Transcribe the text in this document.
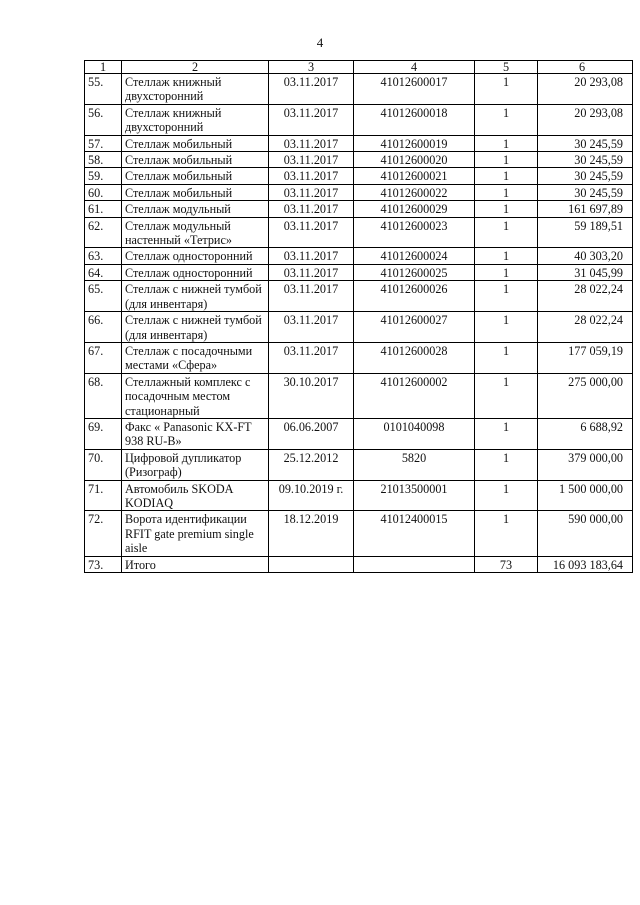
4
1	2	3	4	5	6
55.	Стеллаж книжный двухсторонний	03.11.2017	41012600017	1	20 293,08
56.	Стеллаж книжный двухсторонний	03.11.2017	41012600018	1	20 293,08
57.	Стеллаж мобильный	03.11.2017	41012600019	1	30 245,59
58.	Стеллаж мобильный	03.11.2017	41012600020	1	30 245,59
59.	Стеллаж мобильный	03.11.2017	41012600021	1	30 245,59
60.	Стеллаж мобильный	03.11.2017	41012600022	1	30 245,59
61.	Стеллаж модульный	03.11.2017	41012600029	1	161 697,89
62.	Стеллаж модульный настенный «Тетрис»	03.11.2017	41012600023	1	59 189,51
63.	Стеллаж односторонний	03.11.2017	41012600024	1	40 303,20
64.	Стеллаж односторонний	03.11.2017	41012600025	1	31 045,99
65.	Стеллаж с нижней тумбой (для инвентаря)	03.11.2017	41012600026	1	28 022,24
66.	Стеллаж с нижней тумбой (для инвентаря)	03.11.2017	41012600027	1	28 022,24
67.	Стеллаж с посадочными местами «Сфера»	03.11.2017	41012600028	1	177 059,19
68.	Стеллажный комплекс с посадочным местом стационарный	30.10.2017	41012600002	1	275 000,00
69.	Факс « Panasonic KX-FT 938 RU-B»	06.06.2007	0101040098	1	6 688,92
70.	Цифровой дупликатор (Ризограф)	25.12.2012	5820	1	379 000,00
71.	Автомобиль SKODA KODIAQ	09.10.2019 г.	21013500001	1	1 500 000,00
72.	Ворота идентификации RFIT gate premium single aisle	18.12.2019	41012400015	1	590 000,00
73.	Итого			73	16 093 183,64
